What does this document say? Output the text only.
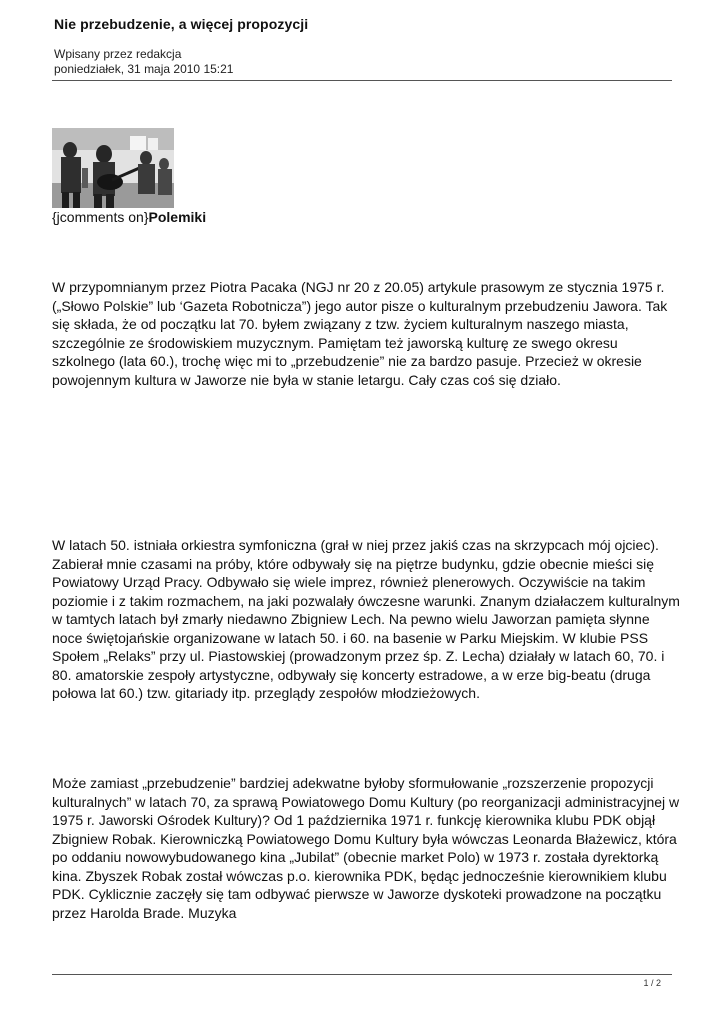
Nie przebudzenie, a więcej propozycji
Wpisany przez redakcja
poniedziałek, 31 maja 2010 15:21
{jcomments on}Polemiki

W przypomnianym przez Piotra Pacaka (NGJ nr 20 z 20.05) artykule prasowym ze stycznia 1975 r. („Słowo Polskie” lub ‘Gazeta Robotnicza”) jego autor pisze o kulturalnym przebudzeniu Jawora. Tak się składa, że od początku lat 70. byłem związany z tzw. życiem kulturalnym naszego miasta, szczególnie ze środowiskiem muzycznym. Pamiętam też jaworską kulturę ze swego okresu szkolnego (lata 60.), trochę więc mi to „przebudzenie” nie za bardzo pasuje. Przecież w okresie powojennym kultura w Jaworze nie była w stanie letargu. Cały czas coś się działo.

W latach 50. istniała orkiestra symfoniczna (grał w niej przez jakiś czas na skrzypcach mój ojciec). Zabierał mnie czasami na próby, które odbywały się na piętrze budynku, gdzie obecnie mieści się Powiatowy Urząd Pracy. Odbywało się wiele imprez, również plenerowych. Oczywiście na takim poziomie i z takim rozmachem, na jaki pozwalały ówczesne warunki. Znanym działaczem kulturalnym w tamtych latach był zmarły niedawno Zbigniew Lech. Na pewno wielu Jaworzan pamięta słynne noce świętojańskie organizowane w latach 50. i 60. na basenie w Parku Miejskim. W klubie PSS Społem „Relaks” przy ul. Piastowskiej (prowadzonym przez śp. Z. Lecha) działały w latach 60, 70. i 80. amatorskie zespoły artystyczne, odbywały się koncerty estradowe, a w erze big-beatu (druga połowa lat 60.) tzw. gitariady itp. przeglądy zespołów młodzieżowych.

Może zamiast „przebudzenie” bardziej adekwatne byłoby sformułowanie „rozszerzenie propozycji kulturalnych” w latach 70, za sprawą Powiatowego Domu Kultury (po reorganizacji administracyjnej w 1975 r. Jaworski Ośrodek Kultury)? Od 1 października 1971 r. funkcję kierownika klubu PDK objął Zbigniew Robak. Kierowniczką Powiatowego Domu Kultury była wówczas Leonarda Błażewicz, która po oddaniu nowowybudowanego kina „Jubilat” (obecnie market Polo) w 1973 r. została dyrektorką kina. Zbyszek Robak został wówczas p.o. kierownika PDK, będąc jednocześnie kierownikiem klubu PDK. Cyklicznie zaczęły się tam odbywać pierwsze w Jaworze dyskoteki prowadzone na początku przez Harolda Brade. Muzyka

1 / 2
